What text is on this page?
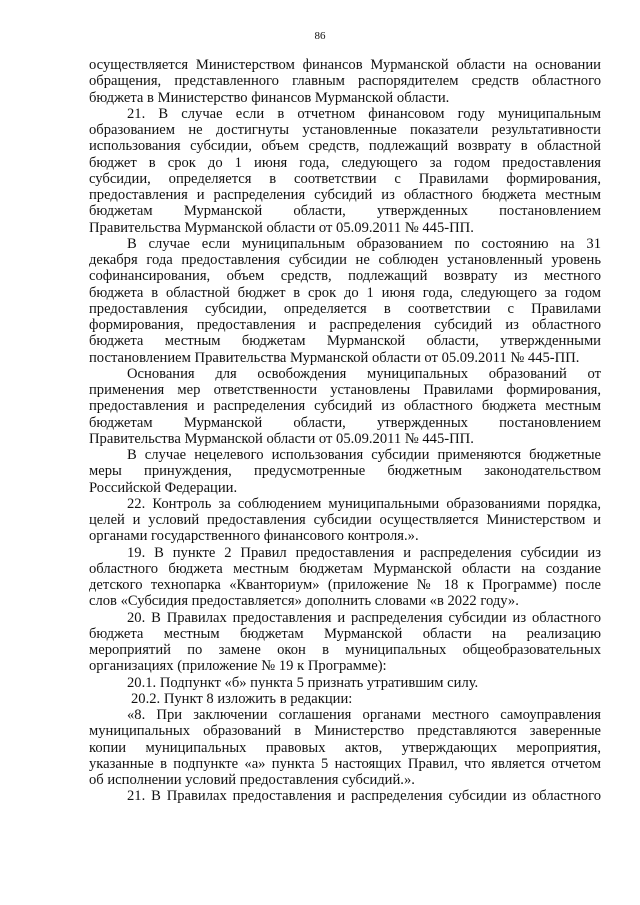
86
осуществляется Министерством финансов Мурманской области на основании
обращения, представленного главным распорядителем средств областного
бюджета в Министерство финансов Мурманской области.
21. В случае если в отчетном финансовом году муниципальным
образованием не достигнуты установленные показатели результативности
использования субсидии, объем средств, подлежащий возврату в областной
бюджет в срок до 1 июня года, следующего за годом предоставления
субсидии, определяется в соответствии с Правилами формирования,
предоставления и распределения субсидий из областного бюджета местным
бюджетам Мурманской области, утвержденных постановлением
Правительства Мурманской области от 05.09.2011 № 445-ПП.
В случае если муниципальным образованием по состоянию на 31
декабря года предоставления субсидии не соблюден установленный уровень
софинансирования, объем средств, подлежащий возврату из местного
бюджета в областной бюджет в срок до 1 июня года, следующего за годом
предоставления субсидии, определяется в соответствии с Правилами
формирования, предоставления и распределения субсидий из областного
бюджета местным бюджетам Мурманской области, утвержденными
постановлением Правительства Мурманской области от 05.09.2011 № 445-ПП.
Основания для освобождения муниципальных образований от
применения мер ответственности установлены Правилами формирования,
предоставления и распределения субсидий из областного бюджета местным
бюджетам Мурманской области, утвержденных постановлением
Правительства Мурманской области от 05.09.2011 № 445-ПП.
В случае нецелевого использования субсидии применяются бюджетные
меры принуждения, предусмотренные бюджетным законодательством
Российской Федерации.
22. Контроль за соблюдением муниципальными образованиями порядка,
целей и условий предоставления субсидии осуществляется Министерством и
органами государственного финансового контроля.».
19. В пункте 2 Правил предоставления и распределения субсидии из
областного бюджета местным бюджетам Мурманской области на создание
детского технопарка «Кванториум» (приложение № 18 к Программе) после
слов «Субсидия предоставляется» дополнить словами «в 2022 году».
20. В Правилах предоставления и распределения субсидии из областного
бюджета местным бюджетам Мурманской области на реализацию
мероприятий по замене окон в муниципальных общеобразовательных
организациях (приложение № 19 к Программе):
20.1. Подпункт «б» пункта 5 признать утратившим силу.
20.2. Пункт 8 изложить в редакции:
«8. При заключении соглашения органами местного самоуправления
муниципальных образований в Министерство представляются заверенные
копии муниципальных правовых актов, утверждающих мероприятия,
указанные в подпункте «а» пункта 5 настоящих Правил, что является отчетом
об исполнении условий предоставления субсидий.».
21. В Правилах предоставления и распределения субсидии из областного
